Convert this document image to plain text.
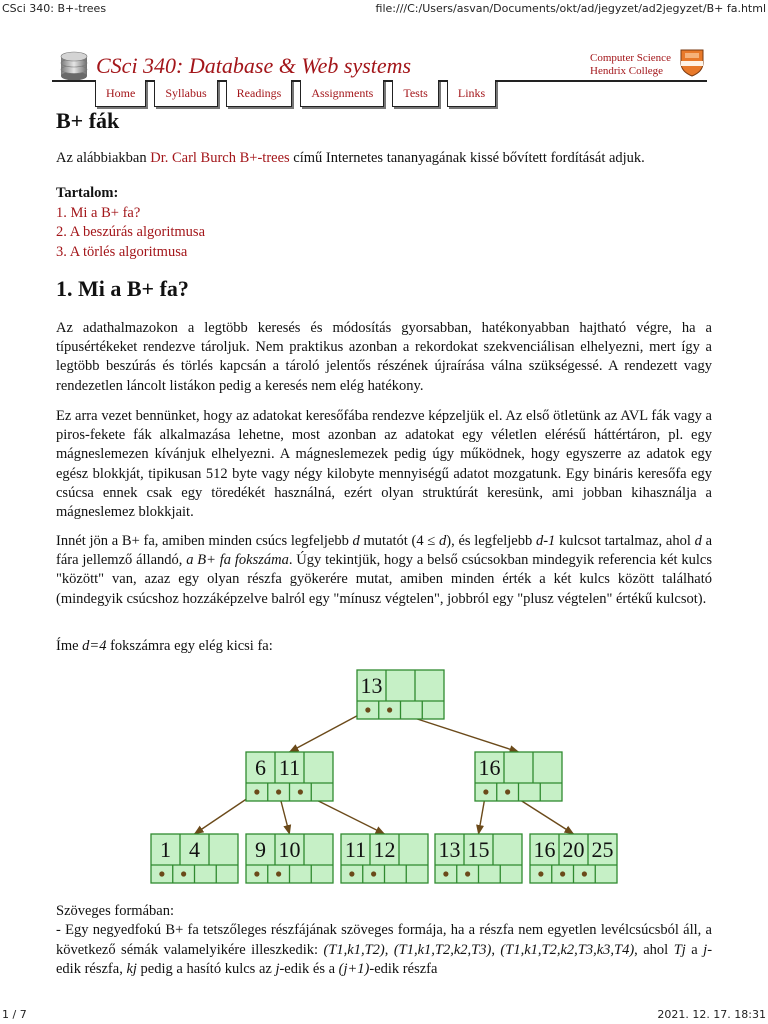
CSci 340: B+-trees	file:///C:/Users/asvan/Documents/okt/ad/jegyzet/ad2jegyzet/B+ fa.html
CSci 340: Database & Web systems	Computer Science
Hendrix College
Home	Syllabus	Readings	Assignments	Tests	Links
B+ fák

Az alábbiakban Dr. Carl Burch B+-trees című Internetes tananyagának kissé bővített fordítását adjuk.

Tartalom:
1. Mi a B+ fa?
2. A beszúrás algoritmusa
3. A törlés algoritmusa
1. Mi a B+ fa?

Az adathalmazokon a legtöbb keresés és módosítás gyorsabban, hatékonyabban hajtható végre, ha a típusértékeket rendezve tároljuk. Nem praktikus azonban a rekordokat szekvenciálisan elhelyezni, mert így a legtöbb beszúrás és törlés kapcsán a tároló jelentős részének újraírása válna szükségessé. A rendezett vagy rendezetlen láncolt listákon pedig a keresés nem elég hatékony.

Ez arra vezet bennünket, hogy az adatokat keresőfába rendezve képzeljük el. Az első ötletünk az AVL fák vagy a piros-fekete fák alkalmazása lehetne, most azonban az adatokat egy véletlen elérésű háttértáron, pl. egy mágneslemezen kívánjuk elhelyezni. A mágneslemezek pedig úgy működnek, hogy egyszerre az adatok egy egész blokkját, tipikusan 512 byte vagy négy kilobyte mennyiségű adatot mozgatunk. Egy bináris keresőfa egy csúcsa ennek csak egy töredékét használná, ezért olyan struktúrát keresünk, ami jobban kihasználja a mágneslemez blokkjait.

Innét jön a B+ fa, amiben minden csúcs legfeljebb d mutatót (4 ≤ d), és legfeljebb d-1 kulcsot tartalmaz, ahol d a fára jellemző állandó, a B+ fa fokszáma. Úgy tekintjük, hogy a belső csúcsokban mindegyik referencia két kulcs "között" van, azaz egy olyan részfa gyökerére mutat, amiben minden érték a két kulcs között található (mindegyik csúcshoz hozzáképzelve balról egy "mínusz végtelen", jobbról egy "plusz végtelen" értékű kulcsot).

Íme d=4 fokszámra egy elég kicsi fa:

13
6 11	16
1 4	9 10 11 12 13 15 16 20 25
Szöveges formában:
- Egy negyedfokú B+ fa tetszőleges részfájának szöveges formája, ha a részfa nem egyetlen levélcsúcsból áll, a következő sémák valamelyikére illeszkedik: (T1,k1,T2), (T1,k1,T2,k2,T3), (T1,k1,T2,k2,T3,k3,T4), ahol Tj a j-edik részfa, kj pedig a hasító kulcs az j-edik és a (j+1)-edik részfa
1 / 7	2021. 12. 17. 18:31
